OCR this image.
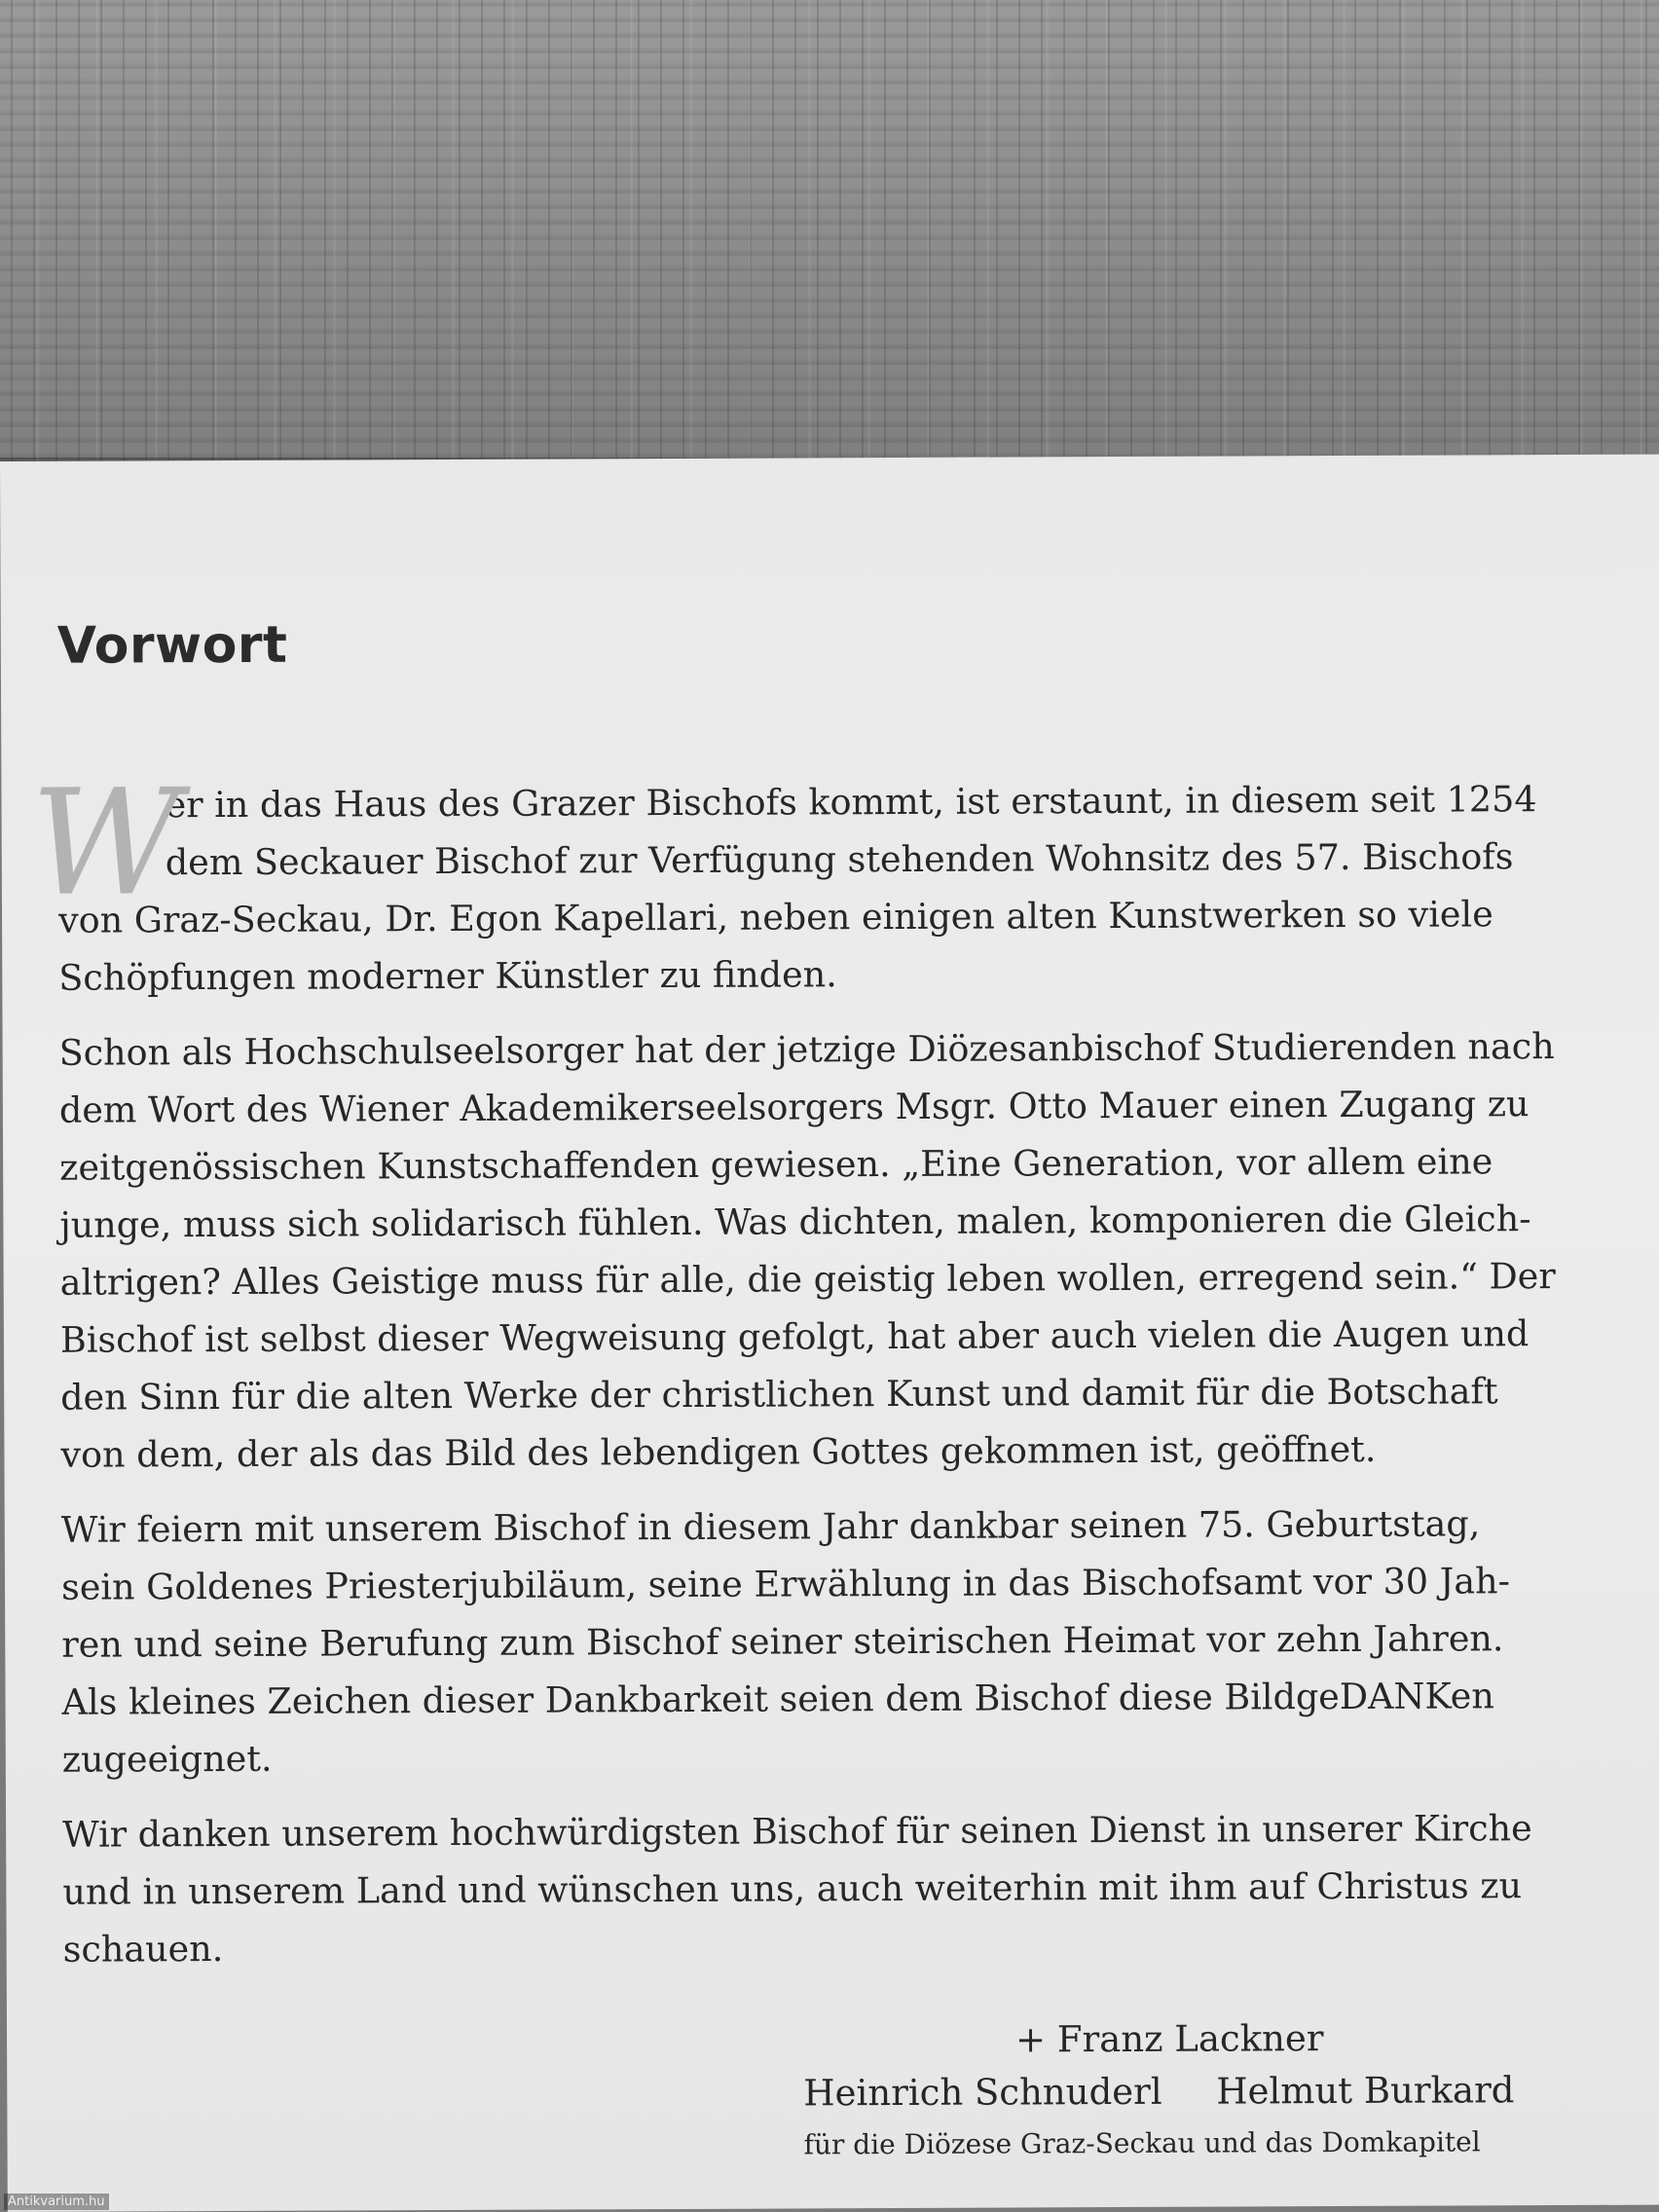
Vorwort
W
er in das Haus des Grazer Bischofs kommt, ist erstaunt, in diesem seit 1254
dem Seckauer Bischof zur Verfügung stehenden Wohnsitz des 57. Bischofs
von Graz-Seckau, Dr. Egon Kapellari, neben einigen alten Kunstwerken so viele
Schöpfungen moderner Künstler zu finden.
Schon als Hochschulseelsorger hat der jetzige Diözesanbischof Studierenden nach
dem Wort des Wiener Akademikerseelsorgers Msgr. Otto Mauer einen Zugang zu
zeitgenössischen Kunstschaffenden gewiesen. „Eine Generation, vor allem eine
junge, muss sich solidarisch fühlen. Was dichten, malen, komponieren die Gleich-
altrigen? Alles Geistige muss für alle, die geistig leben wollen, erregend sein.“ Der
Bischof ist selbst dieser Wegweisung gefolgt, hat aber auch vielen die Augen und
den Sinn für die alten Werke der christlichen Kunst und damit für die Botschaft
von dem, der als das Bild des lebendigen Gottes gekommen ist, geöffnet.
Wir feiern mit unserem Bischof in diesem Jahr dankbar seinen 75. Geburtstag,
sein Goldenes Priesterjubiläum, seine Erwählung in das Bischofsamt vor 30 Jah-
ren und seine Berufung zum Bischof seiner steirischen Heimat vor zehn Jahren.
Als kleines Zeichen dieser Dankbarkeit seien dem Bischof diese BildgeDANKen
zugeeignet.
Wir danken unserem hochwürdigsten Bischof für seinen Dienst in unserer Kirche
und in unserem Land und wünschen uns, auch weiterhin mit ihm auf Christus zu
schauen.
+ Franz Lackner
Heinrich Schnuderl Helmut Burkard
für die Diözese Graz-Seckau und das Domkapitel
Antikvarium.hu
